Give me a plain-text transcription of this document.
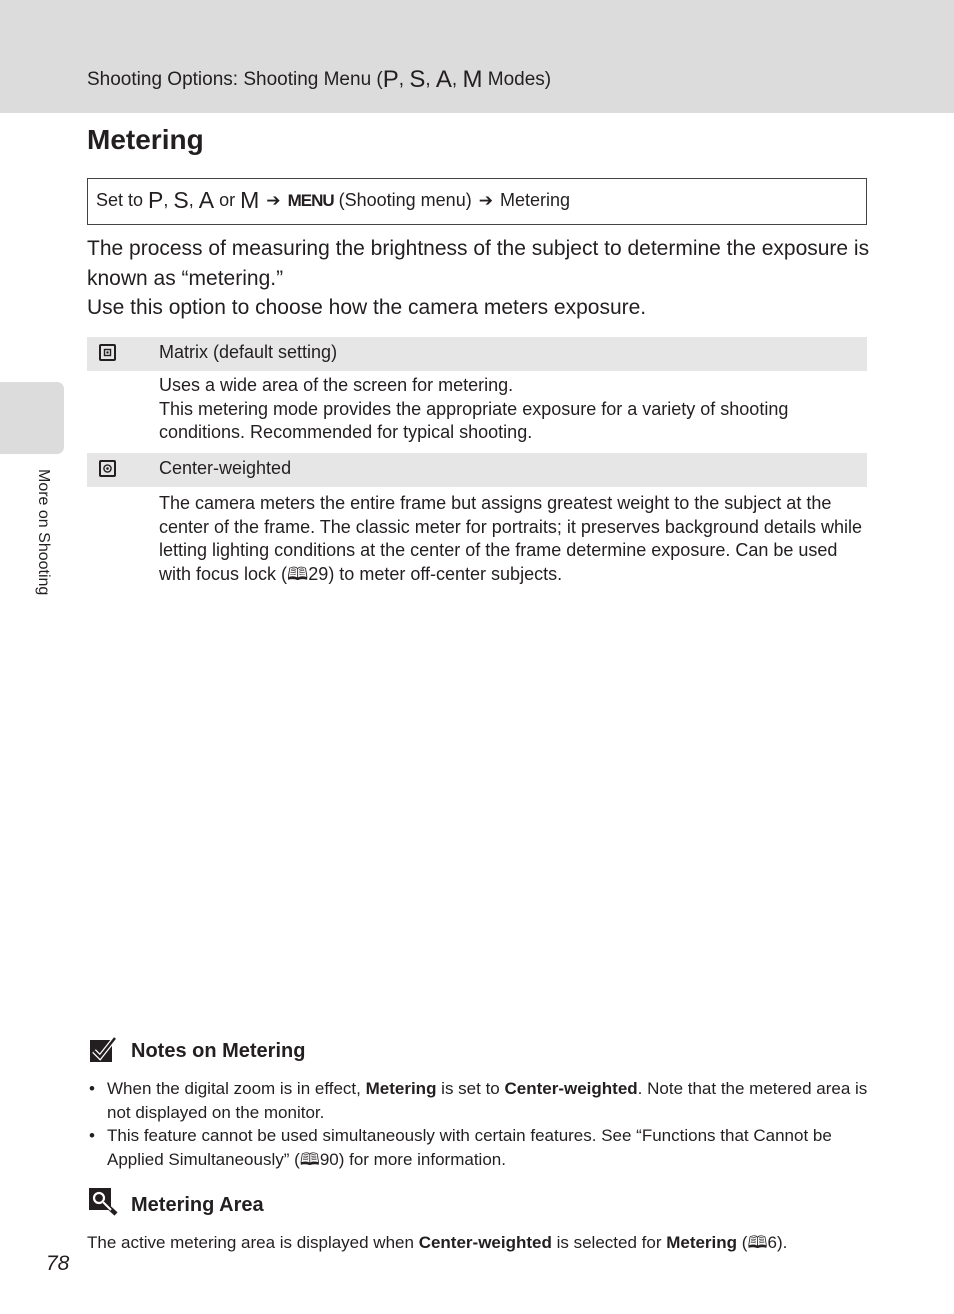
Shooting Options: Shooting Menu (P, S, A, M Modes)
More on Shooting
Metering
Set to P, S, A or M ➔ MENU (Shooting menu) ➔ Metering

The process of measuring the brightness of the subject to determine the exposure is known as “metering.”

Use this option to choose how the camera meters exposure.

Matrix (default setting)

Uses a wide area of the screen for metering.

This metering mode provides the appropriate exposure for a variety of shooting conditions. Recommended for typical shooting.

Center-weighted

The camera meters the entire frame but assigns greatest weight to the subject at the center of the frame. The classic meter for portraits; it preserves background details while letting lighting conditions at the center of the frame determine exposure. Can be used with focus lock (🕮29) to meter off-center subjects.

Notes on Metering
• When the digital zoom is in effect, Metering is set to Center-weighted. Note that the metered area is not displayed on the monitor.
• This feature cannot be used simultaneously with certain features. See “Functions that Cannot be Applied Simultaneously” (🕮90) for more information.
Metering Area
The active metering area is displayed when Center-weighted is selected for Metering (🕮6).
78
